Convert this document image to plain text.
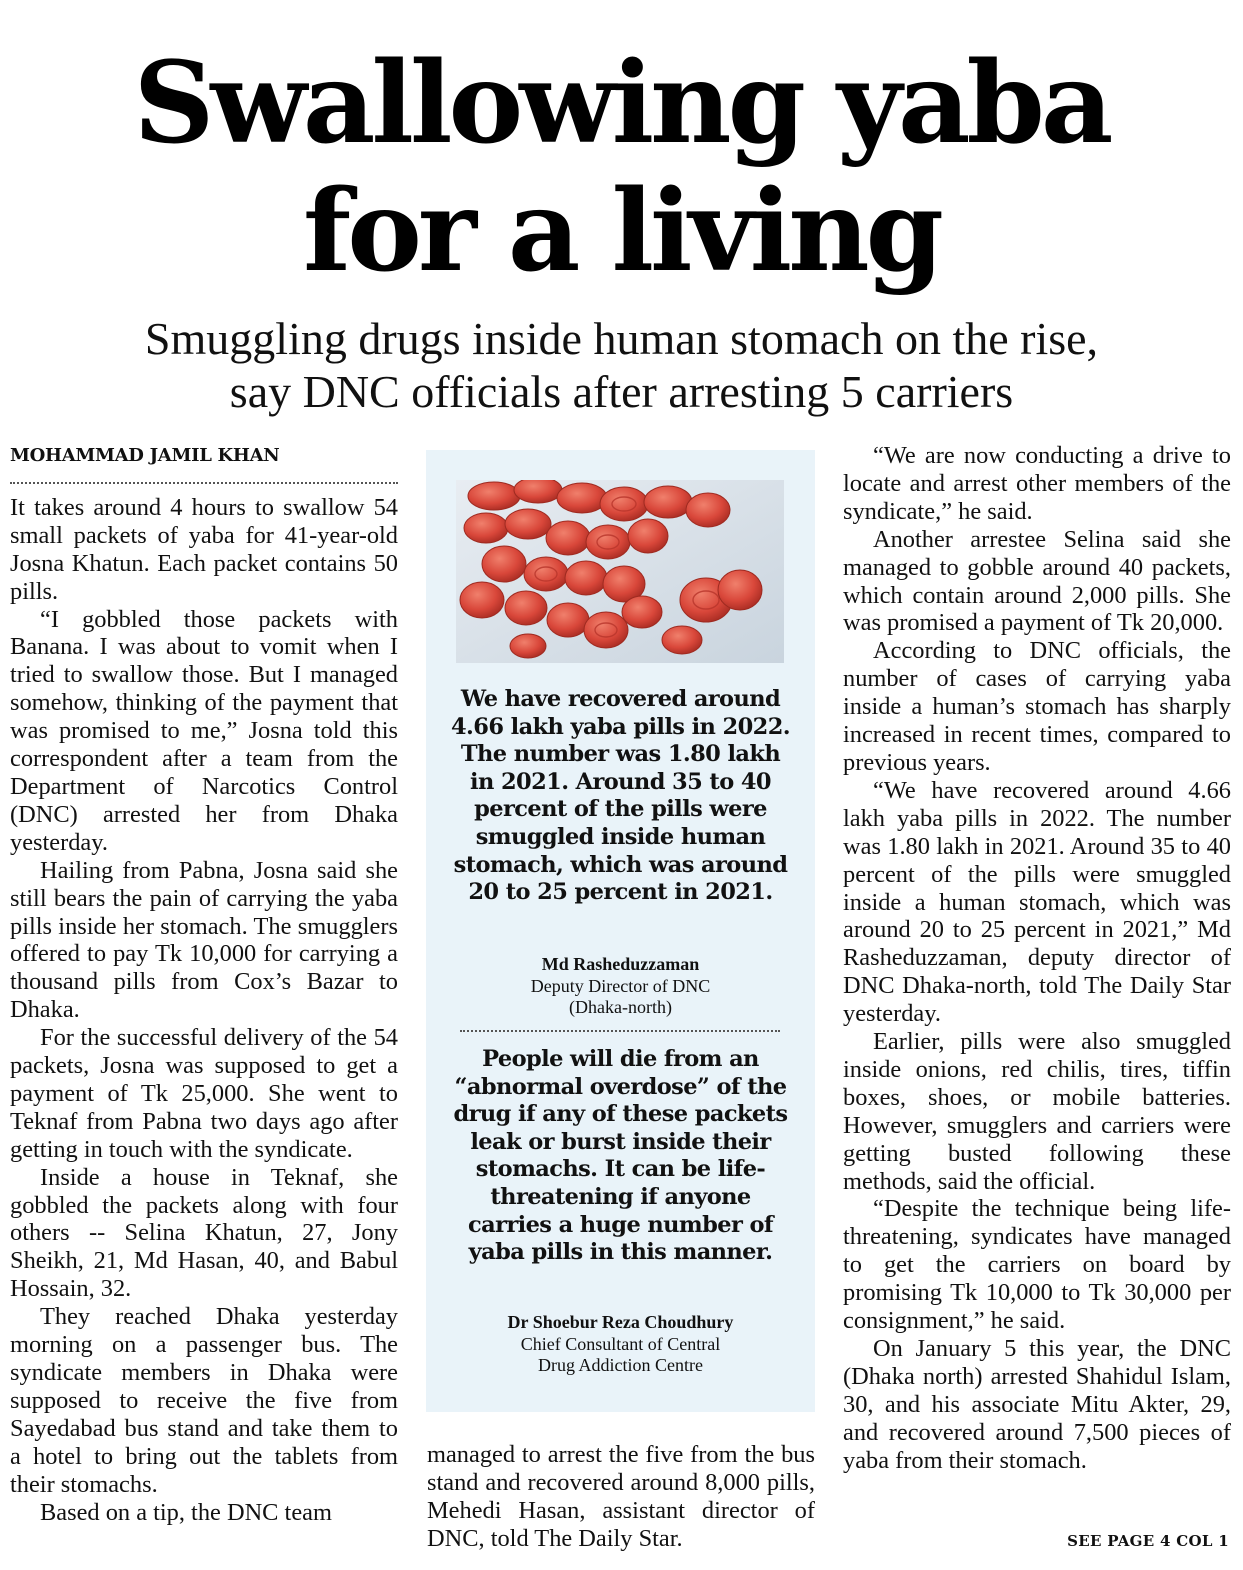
Swallowing yaba
for a living
Smuggling drugs inside human stomach on the rise,
say DNC officials after arresting 5 carriers
MOHAMMAD JAMIL KHAN

It takes around 4 hours to swallow 54 small packets of yaba for 41-year-old Josna Khatun. Each packet contains 50 pills.

“I gobbled those packets with Banana. I was about to vomit when I tried to swallow those. But I managed somehow, thinking of the payment that was promised to me,” Josna told this correspondent after a team from the Department of Narcotics Control (DNC) arrested her from Dhaka yesterday.

Hailing from Pabna, Josna said she still bears the pain of carrying the yaba pills inside her stomach. The smugglers offered to pay Tk 10,000 for carrying a thousand pills from Cox’s Bazar to Dhaka.

For the successful delivery of the 54 packets, Josna was supposed to get a payment of Tk 25,000. She went to Teknaf from Pabna two days ago after getting in touch with the syndicate.

Inside a house in Teknaf, she gobbled the packets along with four others -- Selina Khatun, 27, Jony Sheikh, 21, Md Hasan, 40, and Babul Hossain, 32.

They reached Dhaka yesterday morning on a passenger bus. The syndicate members in Dhaka were supposed to receive the five from Sayedabad bus stand and take them to a hotel to bring out the tablets from their stomachs.

Based on a tip, the DNC team

We have recovered around 4.66 lakh yaba pills in 2022. The number was 1.80 lakh in 2021. Around 35 to 40 percent of the pills were smuggled inside human stomach, which was around 20 to 25 percent in 2021.
Md Rasheduzzaman
Deputy Director of DNC
(Dhaka-north)
People will die from an “abnormal overdose” of the drug if any of these packets leak or burst inside their stomachs. It can be life-threatening if anyone carries a huge number of yaba pills in this manner.
Dr Shoebur Reza Choudhury
Chief Consultant of Central
Drug Addiction Centre

managed to arrest the five from the bus stand and recovered around 8,000 pills, Mehedi Hasan, assistant director of DNC, told The Daily Star.

“We are now conducting a drive to locate and arrest other members of the syndicate,” he said.

Another arrestee Selina said she managed to gobble around 40 packets, which contain around 2,000 pills. She was promised a payment of Tk 20,000.

According to DNC officials, the number of cases of carrying yaba inside a human’s stomach has sharply increased in recent times, compared to previous years.

“We have recovered around 4.66 lakh yaba pills in 2022. The number was 1.80 lakh in 2021. Around 35 to 40 percent of the pills were smuggled inside a human stomach, which was around 20 to 25 percent in 2021,” Md Rasheduzzaman, deputy director of DNC Dhaka-north, told The Daily Star yesterday.

Earlier, pills were also smuggled inside onions, red chilis, tires, tiffin boxes, shoes, or mobile batteries. However, smugglers and carriers were getting busted following these methods, said the official.

“Despite the technique being life-threatening, syndicates have managed to get the carriers on board by promising Tk 10,000 to Tk 30,000 per consignment,” he said.

On January 5 this year, the DNC (Dhaka north) arrested Shahidul Islam, 30, and his associate Mitu Akter, 29, and recovered around 7,500 pieces of yaba from their stomach.

SEE PAGE 4 COL 1
